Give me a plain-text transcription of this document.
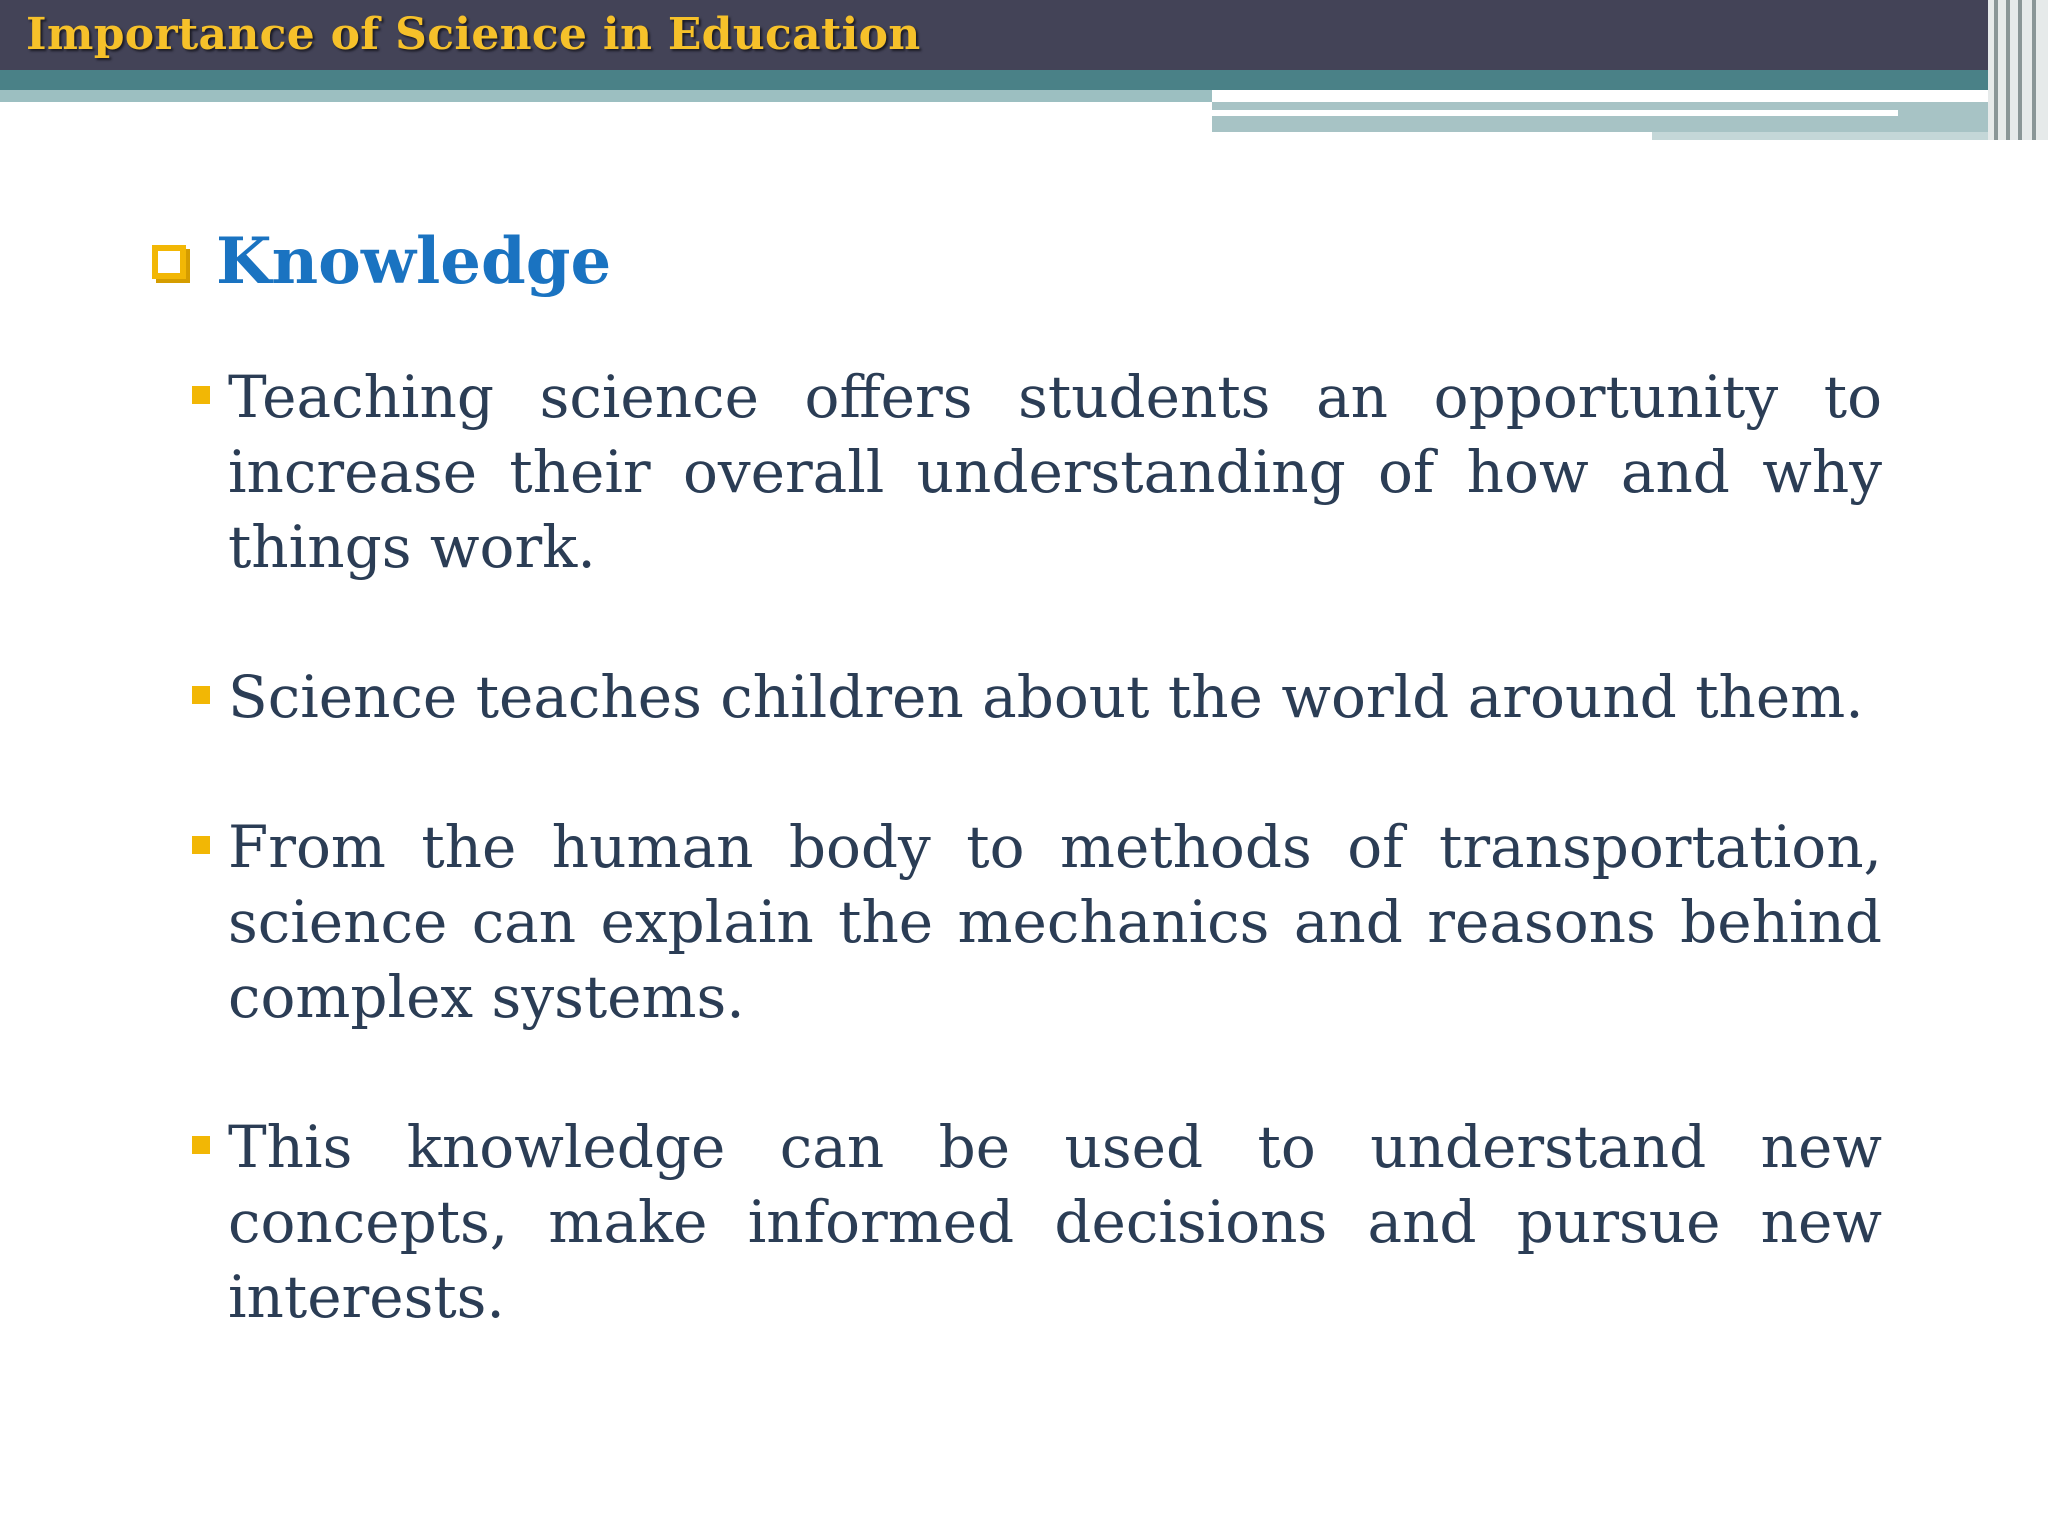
Importance of Science in Education
Knowledge
Teaching science offers students an opportunity to increase their overall understanding of how and why things work.
Science teaches children about the world around them.
From the human body to methods of transportation, science can explain the mechanics and reasons behind complex systems.
This knowledge can be used to understand new concepts, make informed decisions and pursue new interests.
